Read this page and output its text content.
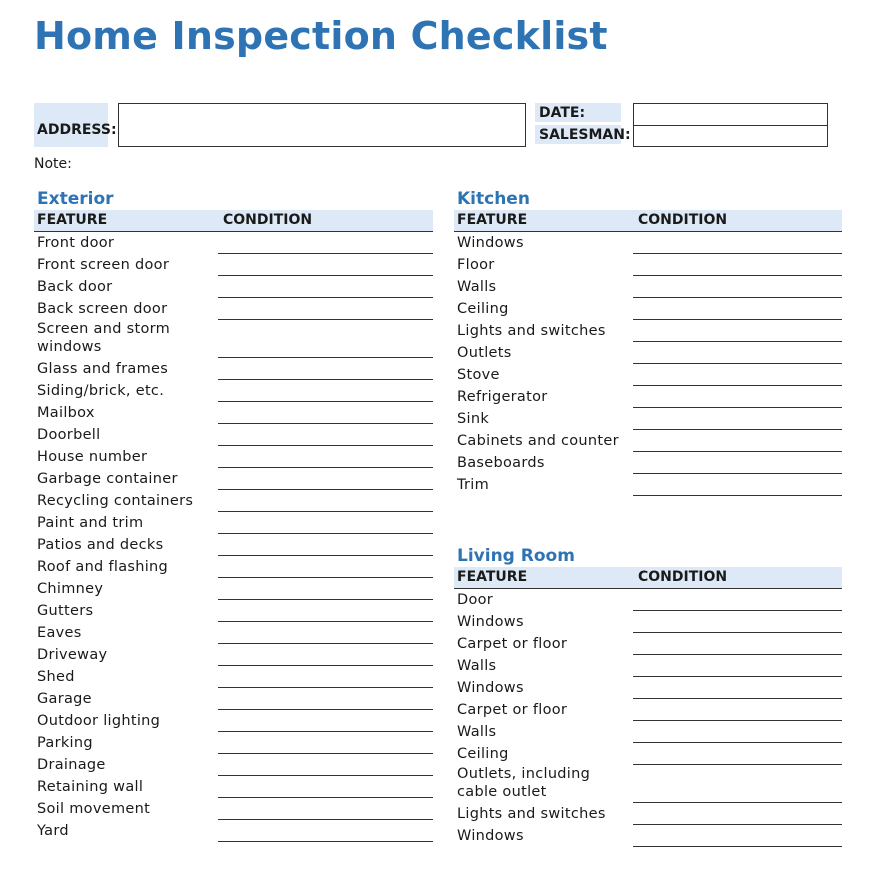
Home Inspection Checklist
ADDRESS:
DATE:
SALESMAN:
Note:
Exterior
FEATURE	CONDITION
Front door
Front screen door
Back door
Back screen door
Screen and storm windows
Glass and frames
Siding/brick, etc.
Mailbox
Doorbell
House number
Garbage container
Recycling containers
Paint and trim
Patios and decks
Roof and flashing
Chimney
Gutters
Eaves
Driveway
Shed
Garage
Outdoor lighting
Parking
Drainage
Retaining wall
Soil movement
Yard
Kitchen
FEATURE	CONDITION
Windows
Floor
Walls
Ceiling
Lights and switches
Outlets
Stove
Refrigerator
Sink
Cabinets and counter
Baseboards
Trim
Living Room
FEATURE	CONDITION
Door
Windows
Carpet or floor
Walls
Windows
Carpet or floor
Walls
Ceiling
Outlets, including cable outlet
Lights and switches
Windows
